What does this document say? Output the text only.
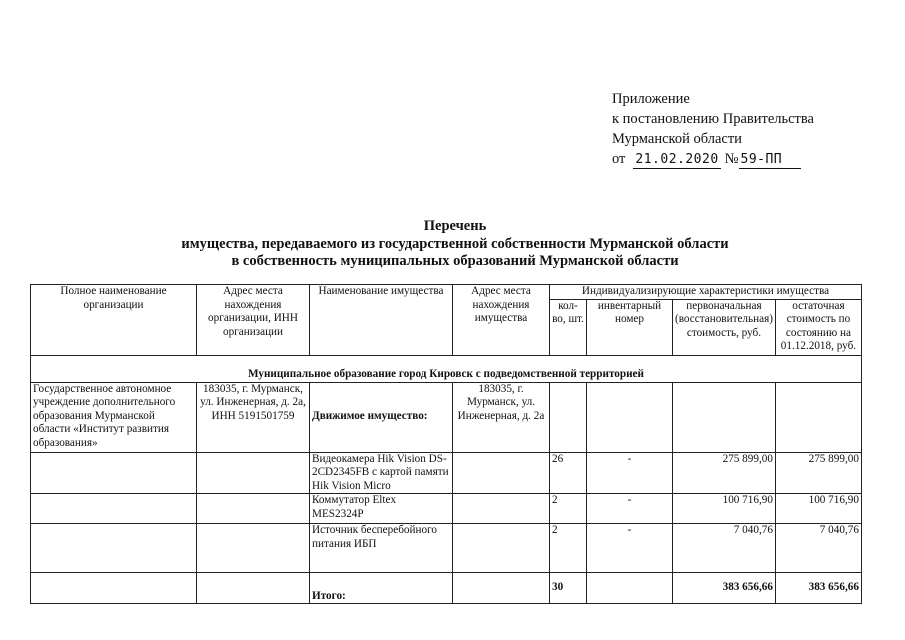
Приложение
к постановлению Правительства
Мурманской области
от 21.02.2020 № 59-ПП
Перечень
имущества, передаваемого из государственной собственности Мурманской области
в собственность муниципальных образований Мурманской области
Полное наименование организации	Адрес места нахождения организации, ИНН организации	Наименование имущества	Адрес места нахождения имущества	Индивидуализирующие характеристики имущества			
				кол-во, шт.	инвентарный номер	первоначальная (восстановительная) стоимость, руб.	остаточная стоимость по состоянию на 01.12.2018, руб.
Муниципальное образование город Кировск с подведомственной территорией							
Государственное автономное учреждение дополнительного образования Мурманской области «Институт развития образования»	183035, г. Мурманск, ул. Инженерная, д. 2а, ИНН 5191501759	Движимое имущество:	183035, г. Мурманск, ул. Инженерная, д. 2а				
		Видеокамера Hik Vision DS-2CD2345FB с картой памяти Hik Vision Micro		26	-	275 899,00	275 899,00
		Коммутатор Eltex MES2324P		2	-	100 716,90	100 716,90
		Источник бесперебойного питания ИБП		2	-	7 040,76	7 040,76
		Итого:		30		383 656,66	383 656,66
